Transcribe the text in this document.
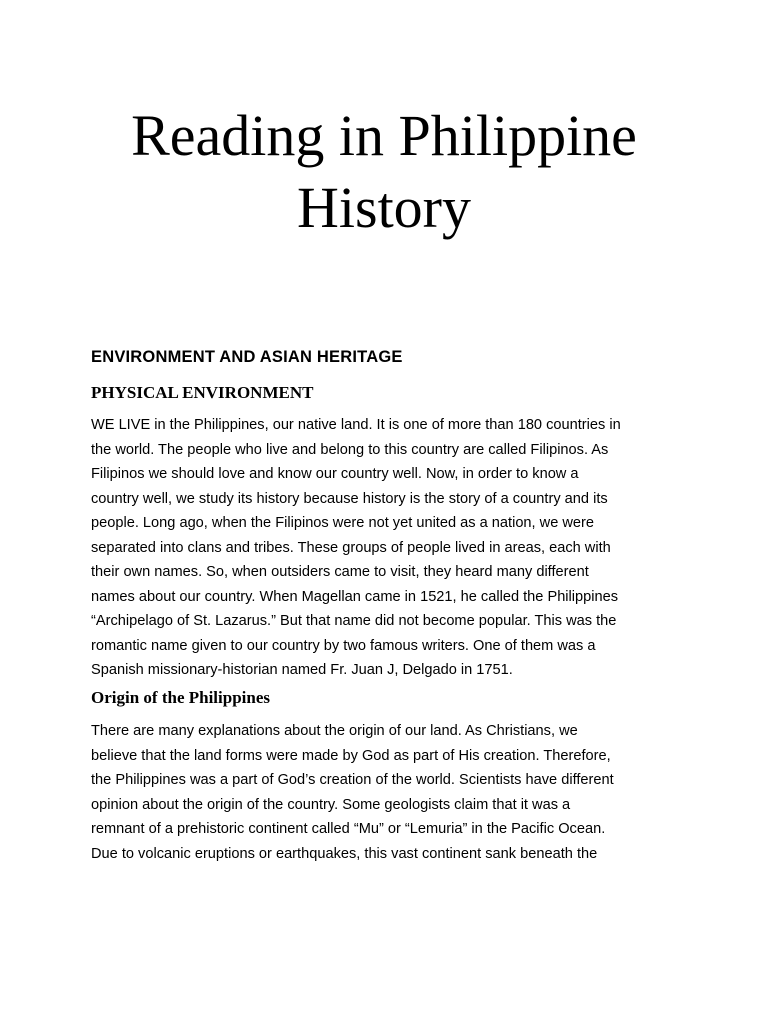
Reading in Philippine
History
ENVIRONMENT AND ASIAN HERITAGE
PHYSICAL ENVIRONMENT

WE LIVE in the Philippines, our native land. It is one of more than 180 countries in
the world. The people who live and belong to this country are called Filipinos. As
Filipinos we should love and know our country well. Now, in order to know a
country well, we study its history because history is the story of a country and its
people. Long ago, when the Filipinos were not yet united as a nation, we were
separated into clans and tribes. These groups of people lived in areas, each with
their own names. So, when outsiders came to visit, they heard many different
names about our country. When Magellan came in 1521, he called the Philippines
“Archipelago of St. Lazarus.” But that name did not become popular. This was the
romantic name given to our country by two famous writers. One of them was a
Spanish missionary-historian named Fr. Juan J, Delgado in 1751.

Origin of the Philippines

There are many explanations about the origin of our land. As Christians, we
believe that the land forms were made by God as part of His creation. Therefore,
the Philippines was a part of God’s creation of the world. Scientists have different
opinion about the origin of the country. Some geologists claim that it was a
remnant of a prehistoric continent called “Mu” or “Lemuria” in the Pacific Ocean.
Due to volcanic eruptions or earthquakes, this vast continent sank beneath the
